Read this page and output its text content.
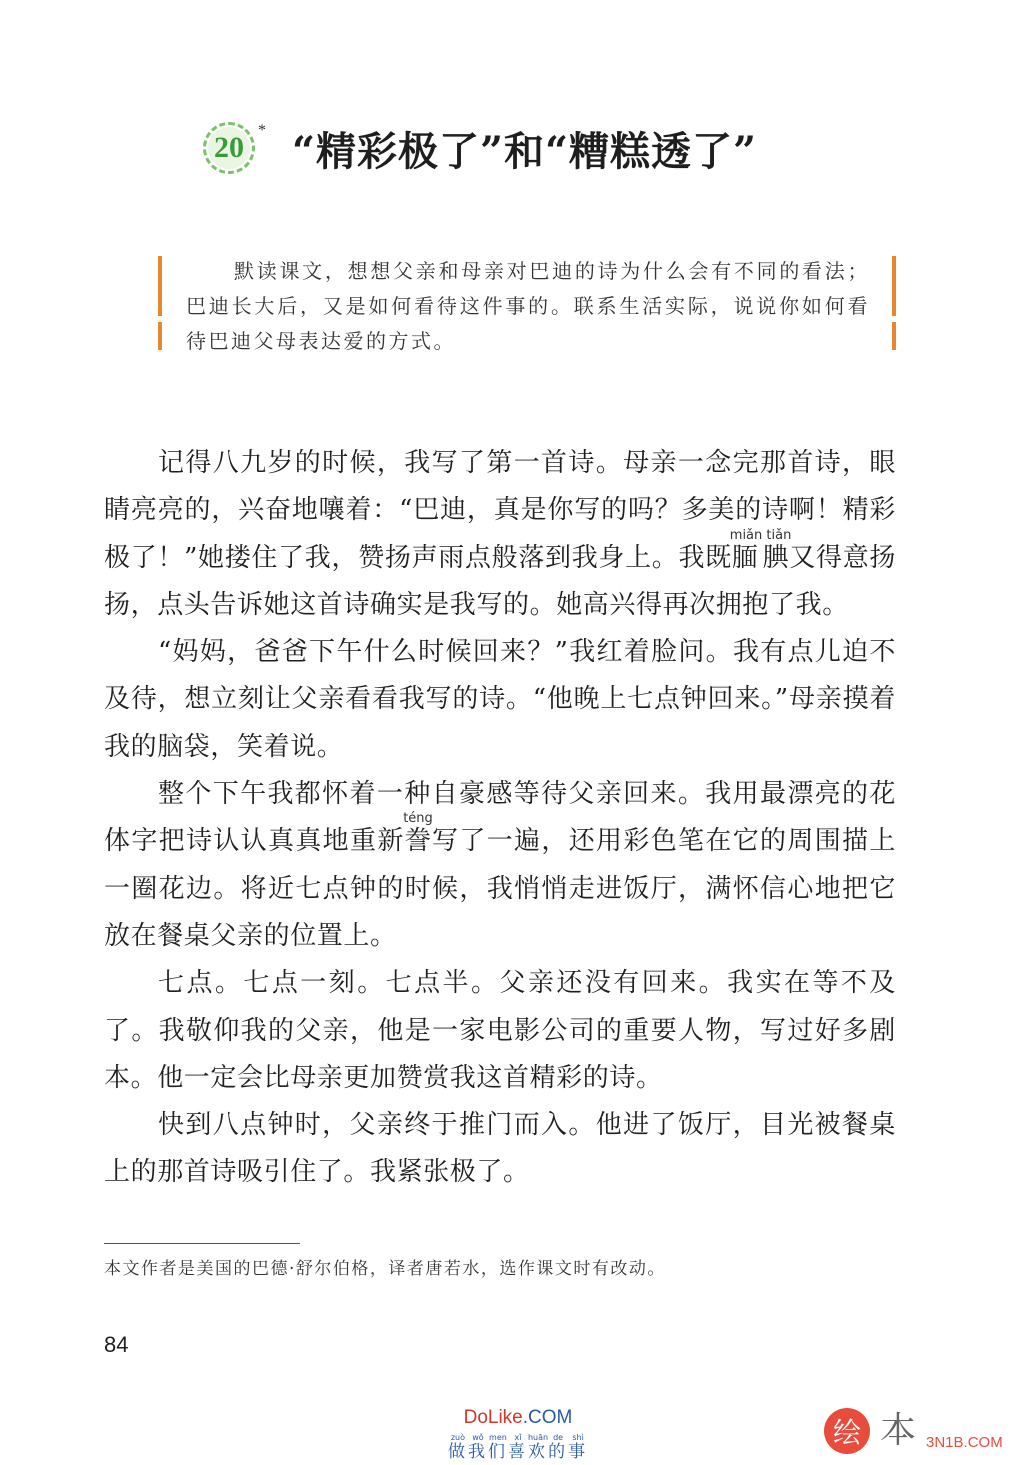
20
* “精彩极了”和“糟糕透了”
默读课文，想想父亲和母亲对巴迪的诗为什么会有不同的看法；巴迪长大后，又是如何看待这件事的。联系生活实际，说说你如何看待巴迪父母表达爱的方式。

记得八九岁的时候，我写了第一首诗。母亲一念完那首诗，眼睛亮亮的，兴奋地嚷着：“巴迪，真是你写的吗？多美的诗啊！精彩极了！”她搂住了我，赞扬声雨点般落到我身上。我既腼腆miǎn tiǎn又得意扬扬，点头告诉她这首诗确实是我写的。她高兴得再次拥抱了我。

“妈妈，爸爸下午什么时候回来？”我红着脸问。我有点儿迫不及待，想立刻让父亲看看我写的诗。“他晚上七点钟回来。”母亲摸着我的脑袋，笑着说。

整个下午我都怀着一种自豪感等待父亲回来。我用最漂亮的花体字把诗认认真真地重新誊téng写了一遍，还用彩色笔在它的周围描上一圈花边。将近七点钟的时候，我悄悄走进饭厅，满怀信心地把它放在餐桌父亲的位置上。

七点。七点一刻。七点半。父亲还没有回来。我实在等不及了。我敬仰我的父亲，他是一家电影公司的重要人物，写过好多剧本。他一定会比母亲更加赞赏我这首精彩的诗。

快到八点钟时，父亲终于推门而入。他进了饭厅，目光被餐桌上的那首诗吸引住了。我紧张极了。

本文作者是美国的巴德·舒尔伯格，译者唐若水，选作课文时有改动。
84
DoLike.COM
做zuò我wǒ们men喜xǐ欢huān的de事shì	绘 本 3N1B.COM
